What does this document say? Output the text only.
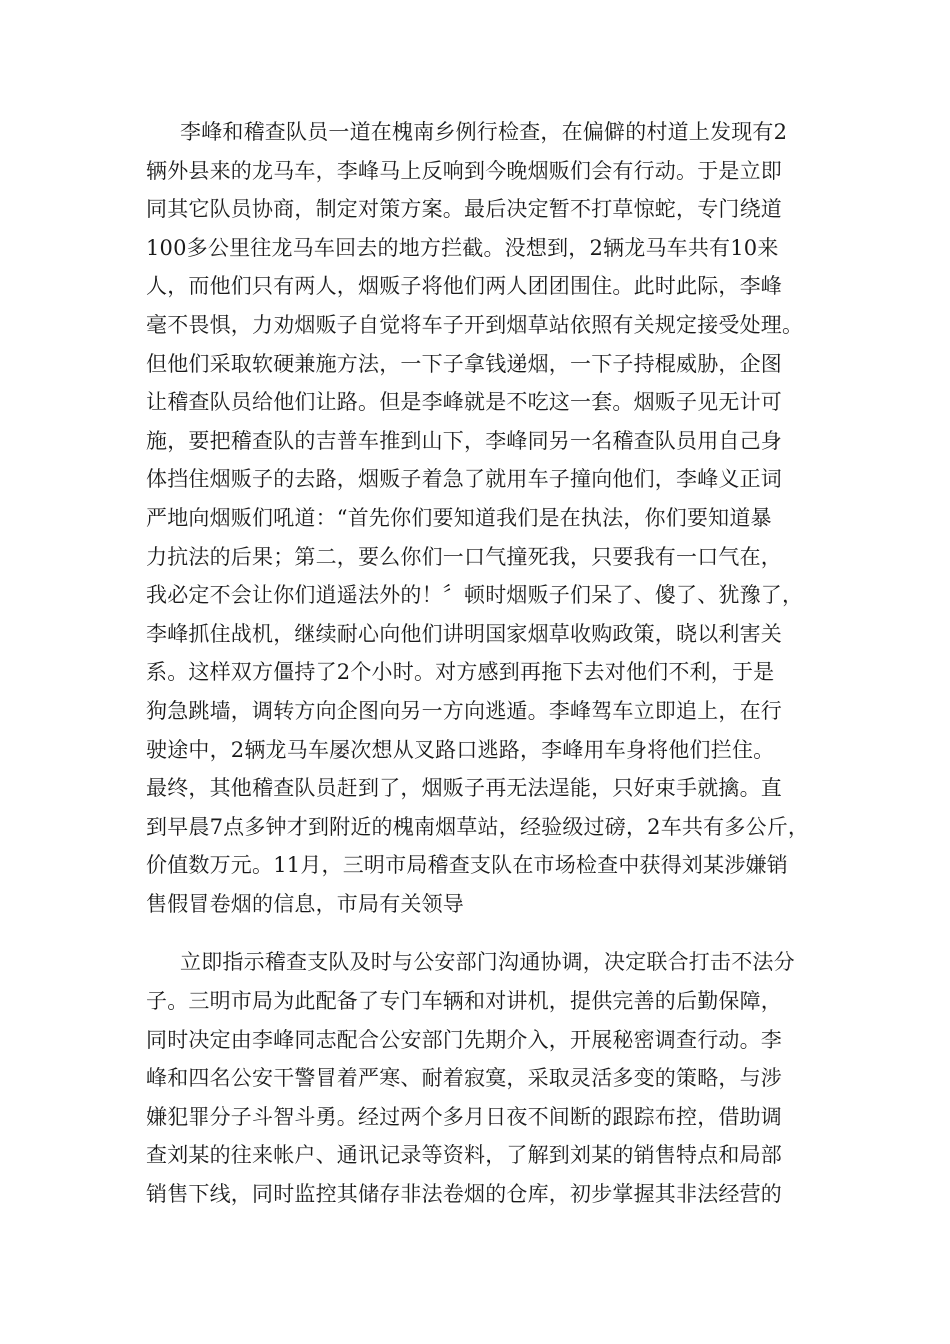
李峰和稽查队员一道在槐南乡例行检查，在偏僻的村道上发现有2
辆外县来的龙马车，李峰马上反响到今晚烟贩们会有行动。于是立即
同其它队员协商，制定对策方案。最后决定暂不打草惊蛇，专门绕道
100多公里往龙马车回去的地方拦截。没想到，2辆龙马车共有10来
人，而他们只有两人，烟贩子将他们两人团团围住。此时此际，李峰
毫不畏惧，力劝烟贩子自觉将车子开到烟草站依照有关规定接受处理。
但他们采取软硬兼施方法，一下子拿钱递烟，一下子持棍威胁，企图
让稽查队员给他们让路。但是李峰就是不吃这一套。烟贩子见无计可
施，要把稽查队的吉普车推到山下，李峰同另一名稽查队员用自己身
体挡住烟贩子的去路，烟贩子着急了就用车子撞向他们，李峰义正词
严地向烟贩们吼道：“首先你们要知道我们是在执法，你们要知道暴
力抗法的后果；第二，要么你们一口气撞死我，只要我有一口气在，
我必定不会让你们逍遥法外的！〞顿时烟贩子们呆了、傻了、犹豫了，
李峰抓住战机，继续耐心向他们讲明国家烟草收购政策，晓以利害关
系。这样双方僵持了2个小时。对方感到再拖下去对他们不利，于是
狗急跳墙，调转方向企图向另一方向逃遁。李峰驾车立即追上，在行
驶途中，2辆龙马车屡次想从叉路口逃路，李峰用车身将他们拦住。
最终，其他稽查队员赶到了，烟贩子再无法逞能，只好束手就擒。直
到早晨7点多钟才到附近的槐南烟草站，经验级过磅，2车共有多公斤，
价值数万元。11月，三明市局稽查支队在市场检查中获得刘某涉嫌销
售假冒卷烟的信息，市局有关领导
立即指示稽查支队及时与公安部门沟通协调，决定联合打击不法分
子。三明市局为此配备了专门车辆和对讲机，提供完善的后勤保障，
同时决定由李峰同志配合公安部门先期介入，开展秘密调查行动。李
峰和四名公安干警冒着严寒、耐着寂寞，采取灵活多变的策略，与涉
嫌犯罪分子斗智斗勇。经过两个多月日夜不间断的跟踪布控，借助调
查刘某的往来帐户、通讯记录等资料，了解到刘某的销售特点和局部
销售下线，同时监控其储存非法卷烟的仓库，初步掌握其非法经营的
